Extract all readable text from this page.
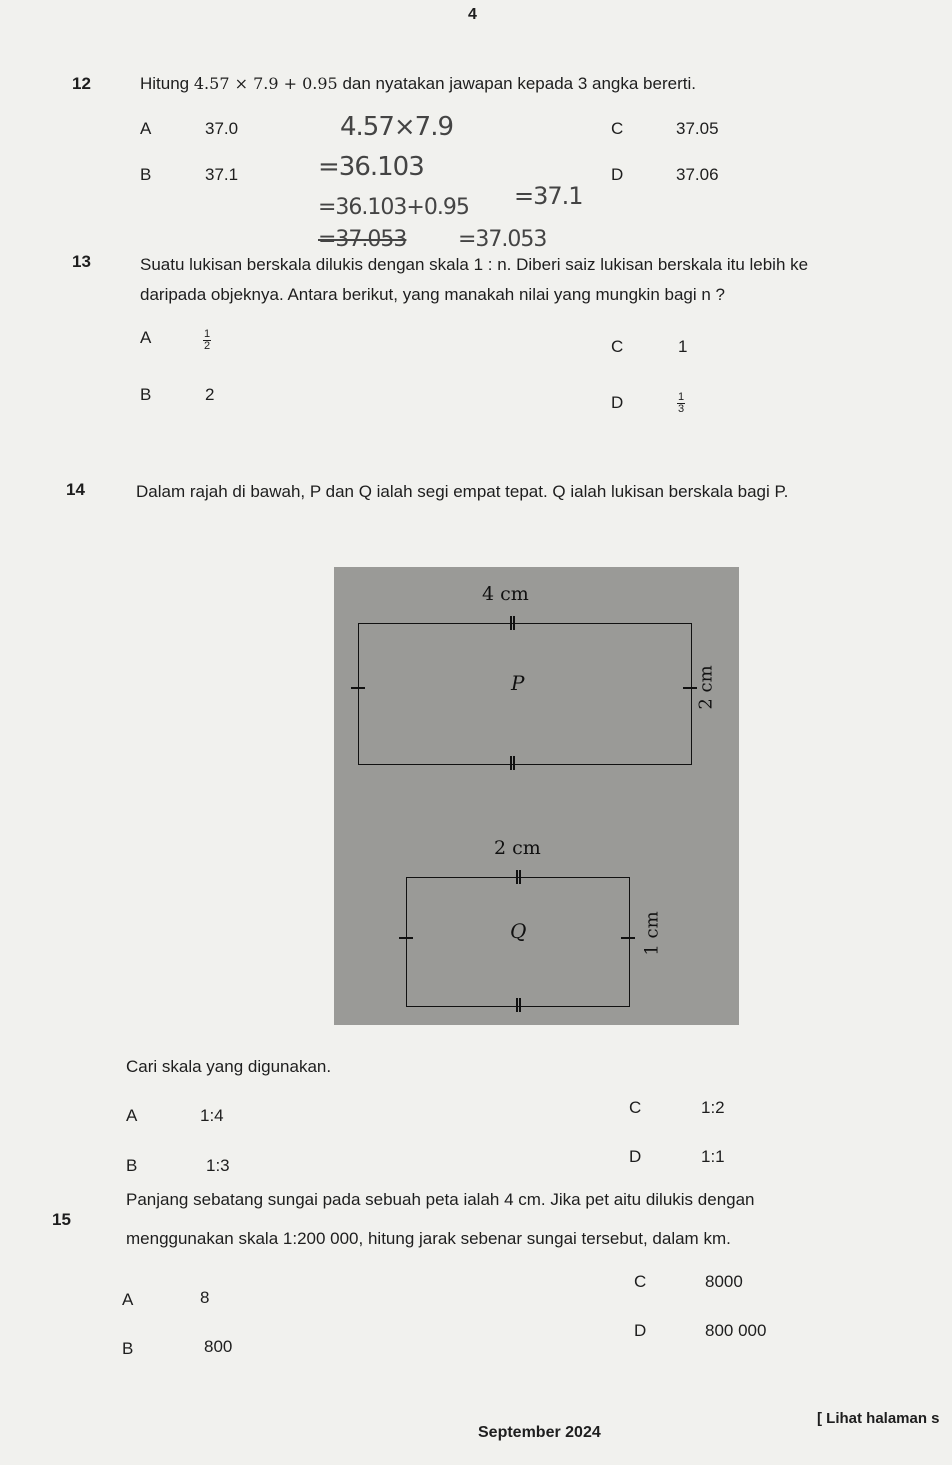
4
12	Hitung 4.57 × 7.9 + 0.95 dan nyatakan jawapan kepada 3 angka bererti.
A	37.0
B	37.1
C	37.05
D	37.06
4.57×7.9
=36.103
=36.103+0.95
=37.053 =37.053
=37.1
13	Suatu lukisan berskala dilukis dengan skala 1 : n. Diberi saiz lukisan berskala itu lebih ke
daripada objeknya. Antara berikut, yang manakah nilai yang mungkin bagi n ?
A	$\frac{1}{2}$
B	2
C	1
D	$\frac{1}{3}$
14	Dalam rajah di bawah, P dan Q ialah segi empat tepat. Q ialah lukisan berskala bagi P.
4 cm
P	2 cm
2 cm
Q	1 cm
Cari skala yang digunakan.
A	1:4
B	1:3
C	1:2
D	1:1
15
Panjang sebatang sungai pada sebuah peta ialah 4 cm. Jika pet aitu dilukis dengan
menggunakan skala 1:200 000, hitung jarak sebenar sungai tersebut, dalam km.
A	8
B	800
C	8000
D	800 000
September 2024
[ Lihat halaman s
